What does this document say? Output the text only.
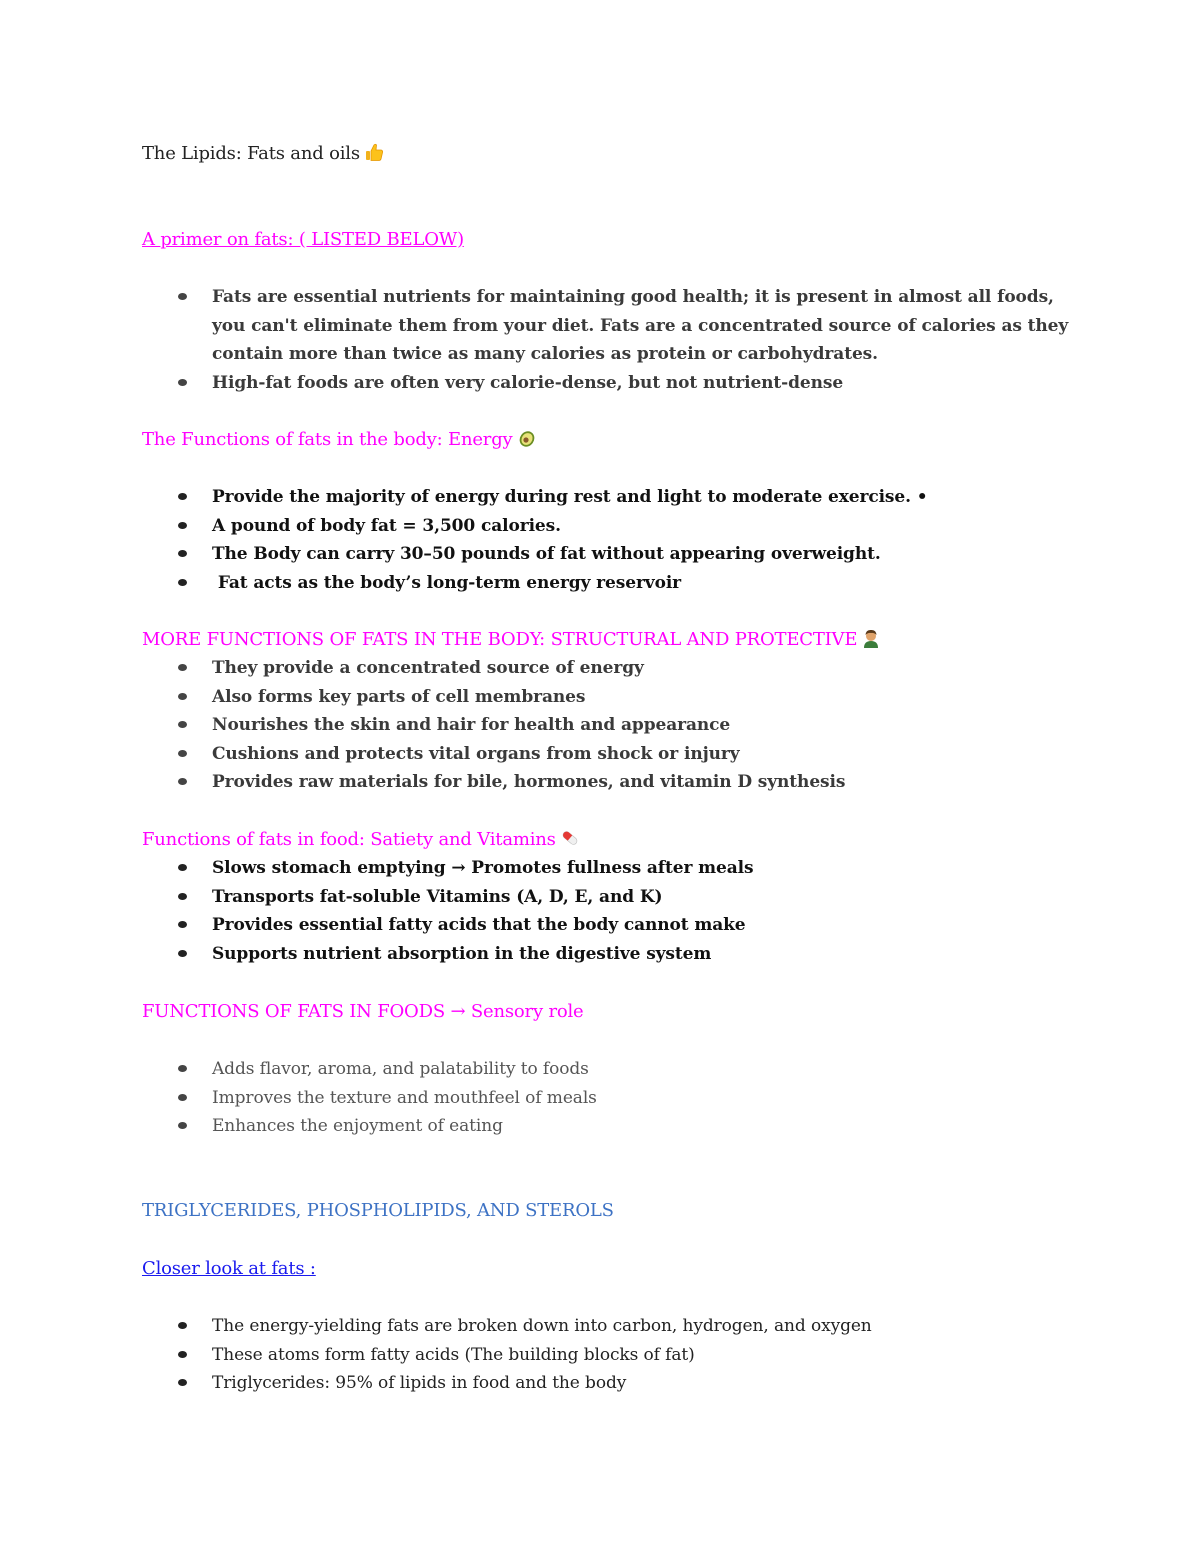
The Lipids: Fats and oils
A primer on fats: ( LISTED BELOW)
Fats are essential nutrients for maintaining good health; it is present in almost all foods, you can't eliminate them from your diet. Fats are a concentrated source of calories as they contain more than twice as many calories as protein or carbohydrates.
High-fat foods are often very calorie-dense, but not nutrient-dense
The Functions of fats in the body: Energy
Provide the majority of energy during rest and light to moderate exercise. •
A pound of body fat = 3,500 calories.
The Body can carry 30–50 pounds of fat without appearing overweight.
Fat acts as the body’s long-term energy reservoir
MORE FUNCTIONS OF FATS IN THE BODY: STRUCTURAL AND PROTECTIVE
They provide a concentrated source of energy
Also forms key parts of cell membranes
Nourishes the skin and hair for health and appearance
Cushions and protects vital organs from shock or injury
Provides raw materials for bile, hormones, and vitamin D synthesis
Functions of fats in food: Satiety and Vitamins
Slows stomach emptying → Promotes fullness after meals
Transports fat-soluble Vitamins (A, D, E, and K)
Provides essential fatty acids that the body cannot make
Supports nutrient absorption in the digestive system
FUNCTIONS OF FATS IN FOODS → Sensory role
Adds flavor, aroma, and palatability to foods
Improves the texture and mouthfeel of meals
Enhances the enjoyment of eating
TRIGLYCERIDES, PHOSPHOLIPIDS, AND STEROLS
Closer look at fats :
The energy-yielding fats are broken down into carbon, hydrogen, and oxygen
These atoms form fatty acids (The building blocks of fat)
Triglycerides: 95% of lipids in food and the body
